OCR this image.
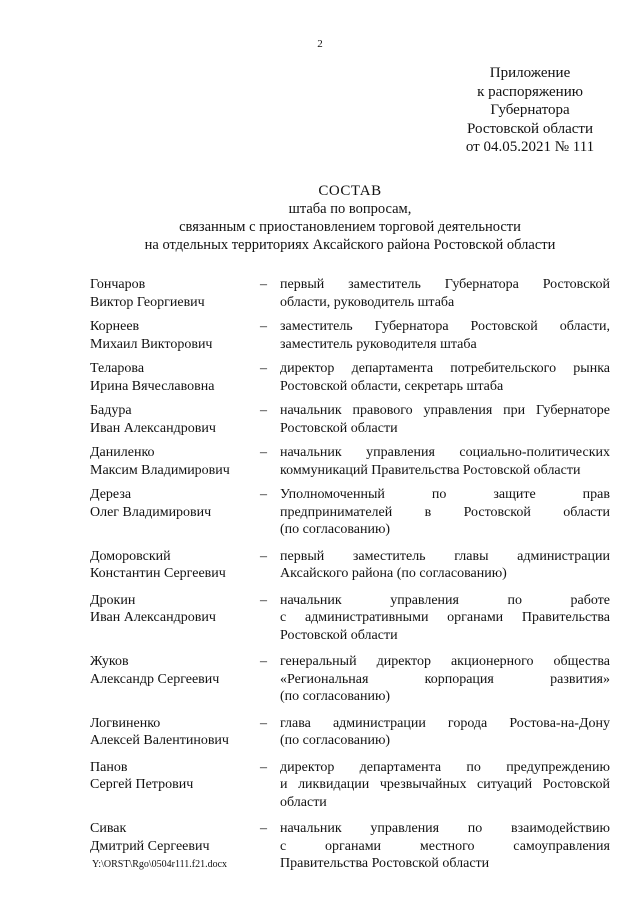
2
Приложение
к распоряжению
Губернатора
Ростовской области
от 04.05.2021 № 111
СОСТАВ
штаба по вопросам,
связанным с приостановлением торговой деятельности
на отдельных территориях Аксайского района Ростовской области
Гончаров
Виктор Георгиевич
– первый заместитель Губернатора Ростовской
области, руководитель штаба
Корнеев
Михаил Викторович
– заместитель Губернатора Ростовской области,
заместитель руководителя штаба
Теларова
Ирина Вячеславовна
– директор департамента потребительского рынка
Ростовской области, секретарь штаба
Бадура
Иван Александрович
– начальник правового управления при Губернаторе
Ростовской области
Даниленко
Максим Владимирович
– начальник управления социально-политических
коммуникаций Правительства Ростовской области
Дереза
Олег Владимирович
– Уполномоченный по защите прав
предпринимателей в Ростовской области
(по согласованию)
Доморовский
Константин Сергеевич
– первый заместитель главы администрации
Аксайского района (по согласованию)
Дрокин
Иван Александрович
– начальник управления по работе
с административными органами Правительства
Ростовской области
Жуков
Александр Сергеевич
– генеральный директор акционерного общества
«Региональная корпорация развития»
(по согласованию)
Логвиненко
Алексей Валентинович
– глава администрации города Ростова-на-Дону
(по согласованию)
Панов
Сергей Петрович
– директор департамента по предупреждению
и ликвидации чрезвычайных ситуаций Ростовской
области
Сивак
Дмитрий Сергеевич
– начальник управления по взаимодействию
с органами местного самоуправления
Правительства Ростовской области
Y:\ORST\Rgo\0504r111.f21.docx
